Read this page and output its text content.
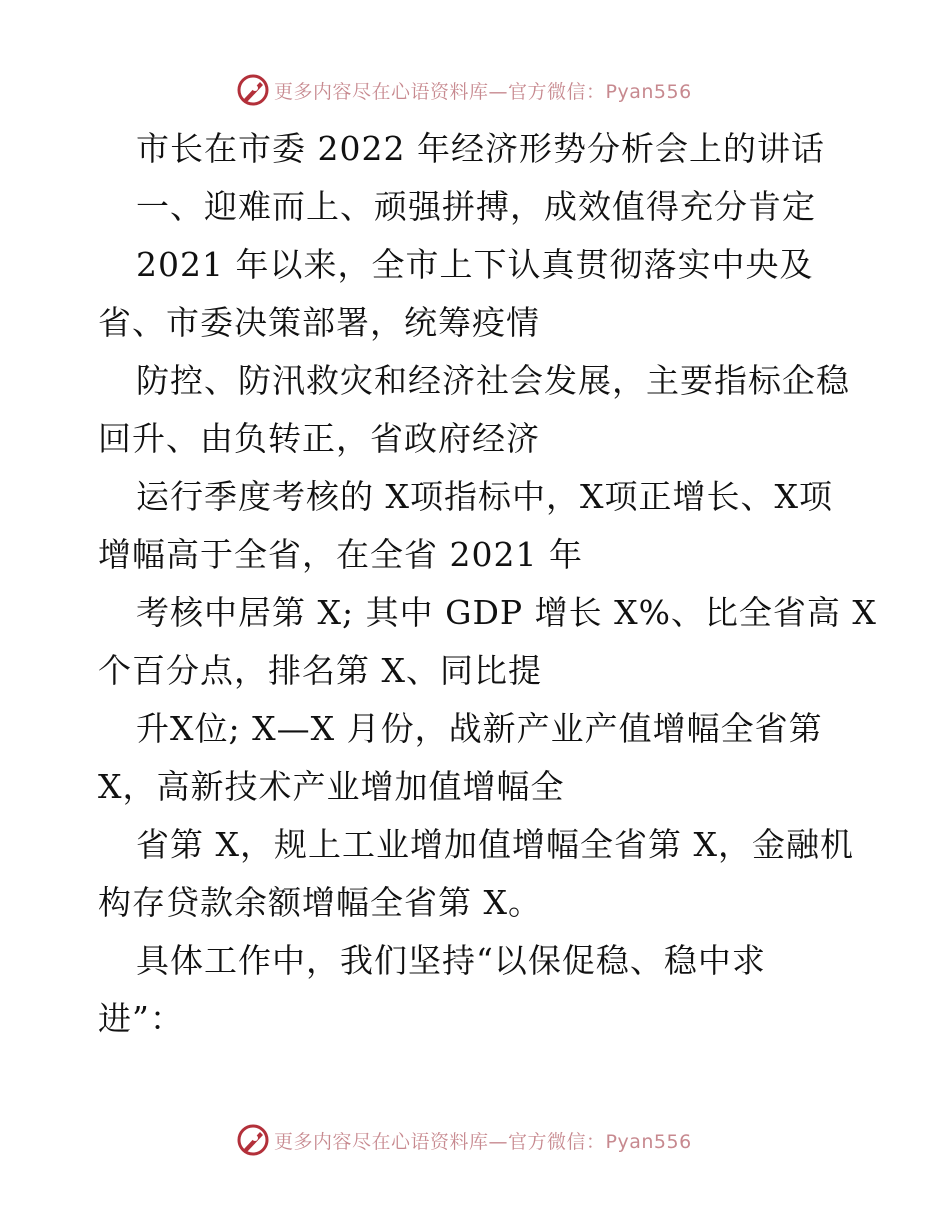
更多内容尽在心语资料库—官方微信：Pyan556
市长在市委 2022 年经济形势分析会上的讲话
一、迎难而上、顽强拼搏，成效值得充分肯定
2021 年以来，全市上下认真贯彻落实中央及
省、市委决策部署，统筹疫情
防控、防汛救灾和经济社会发展，主要指标企稳
回升、由负转正，省政府经济
运行季度考核的 X项指标中，X项正增长、X项
增幅高于全省，在全省 2021 年
考核中居第 X; 其中 GDP 增长 X%、比全省高 X
个百分点，排名第 X、同比提
升X位; X—X 月份，战新产业产值增幅全省第
X，高新技术产业增加值增幅全
省第 X，规上工业增加值增幅全省第 X，金融机
构存贷款余额增幅全省第 X。
具体工作中，我们坚持“以保促稳、稳中求
进”：
更多内容尽在心语资料库—官方微信：Pyan556
